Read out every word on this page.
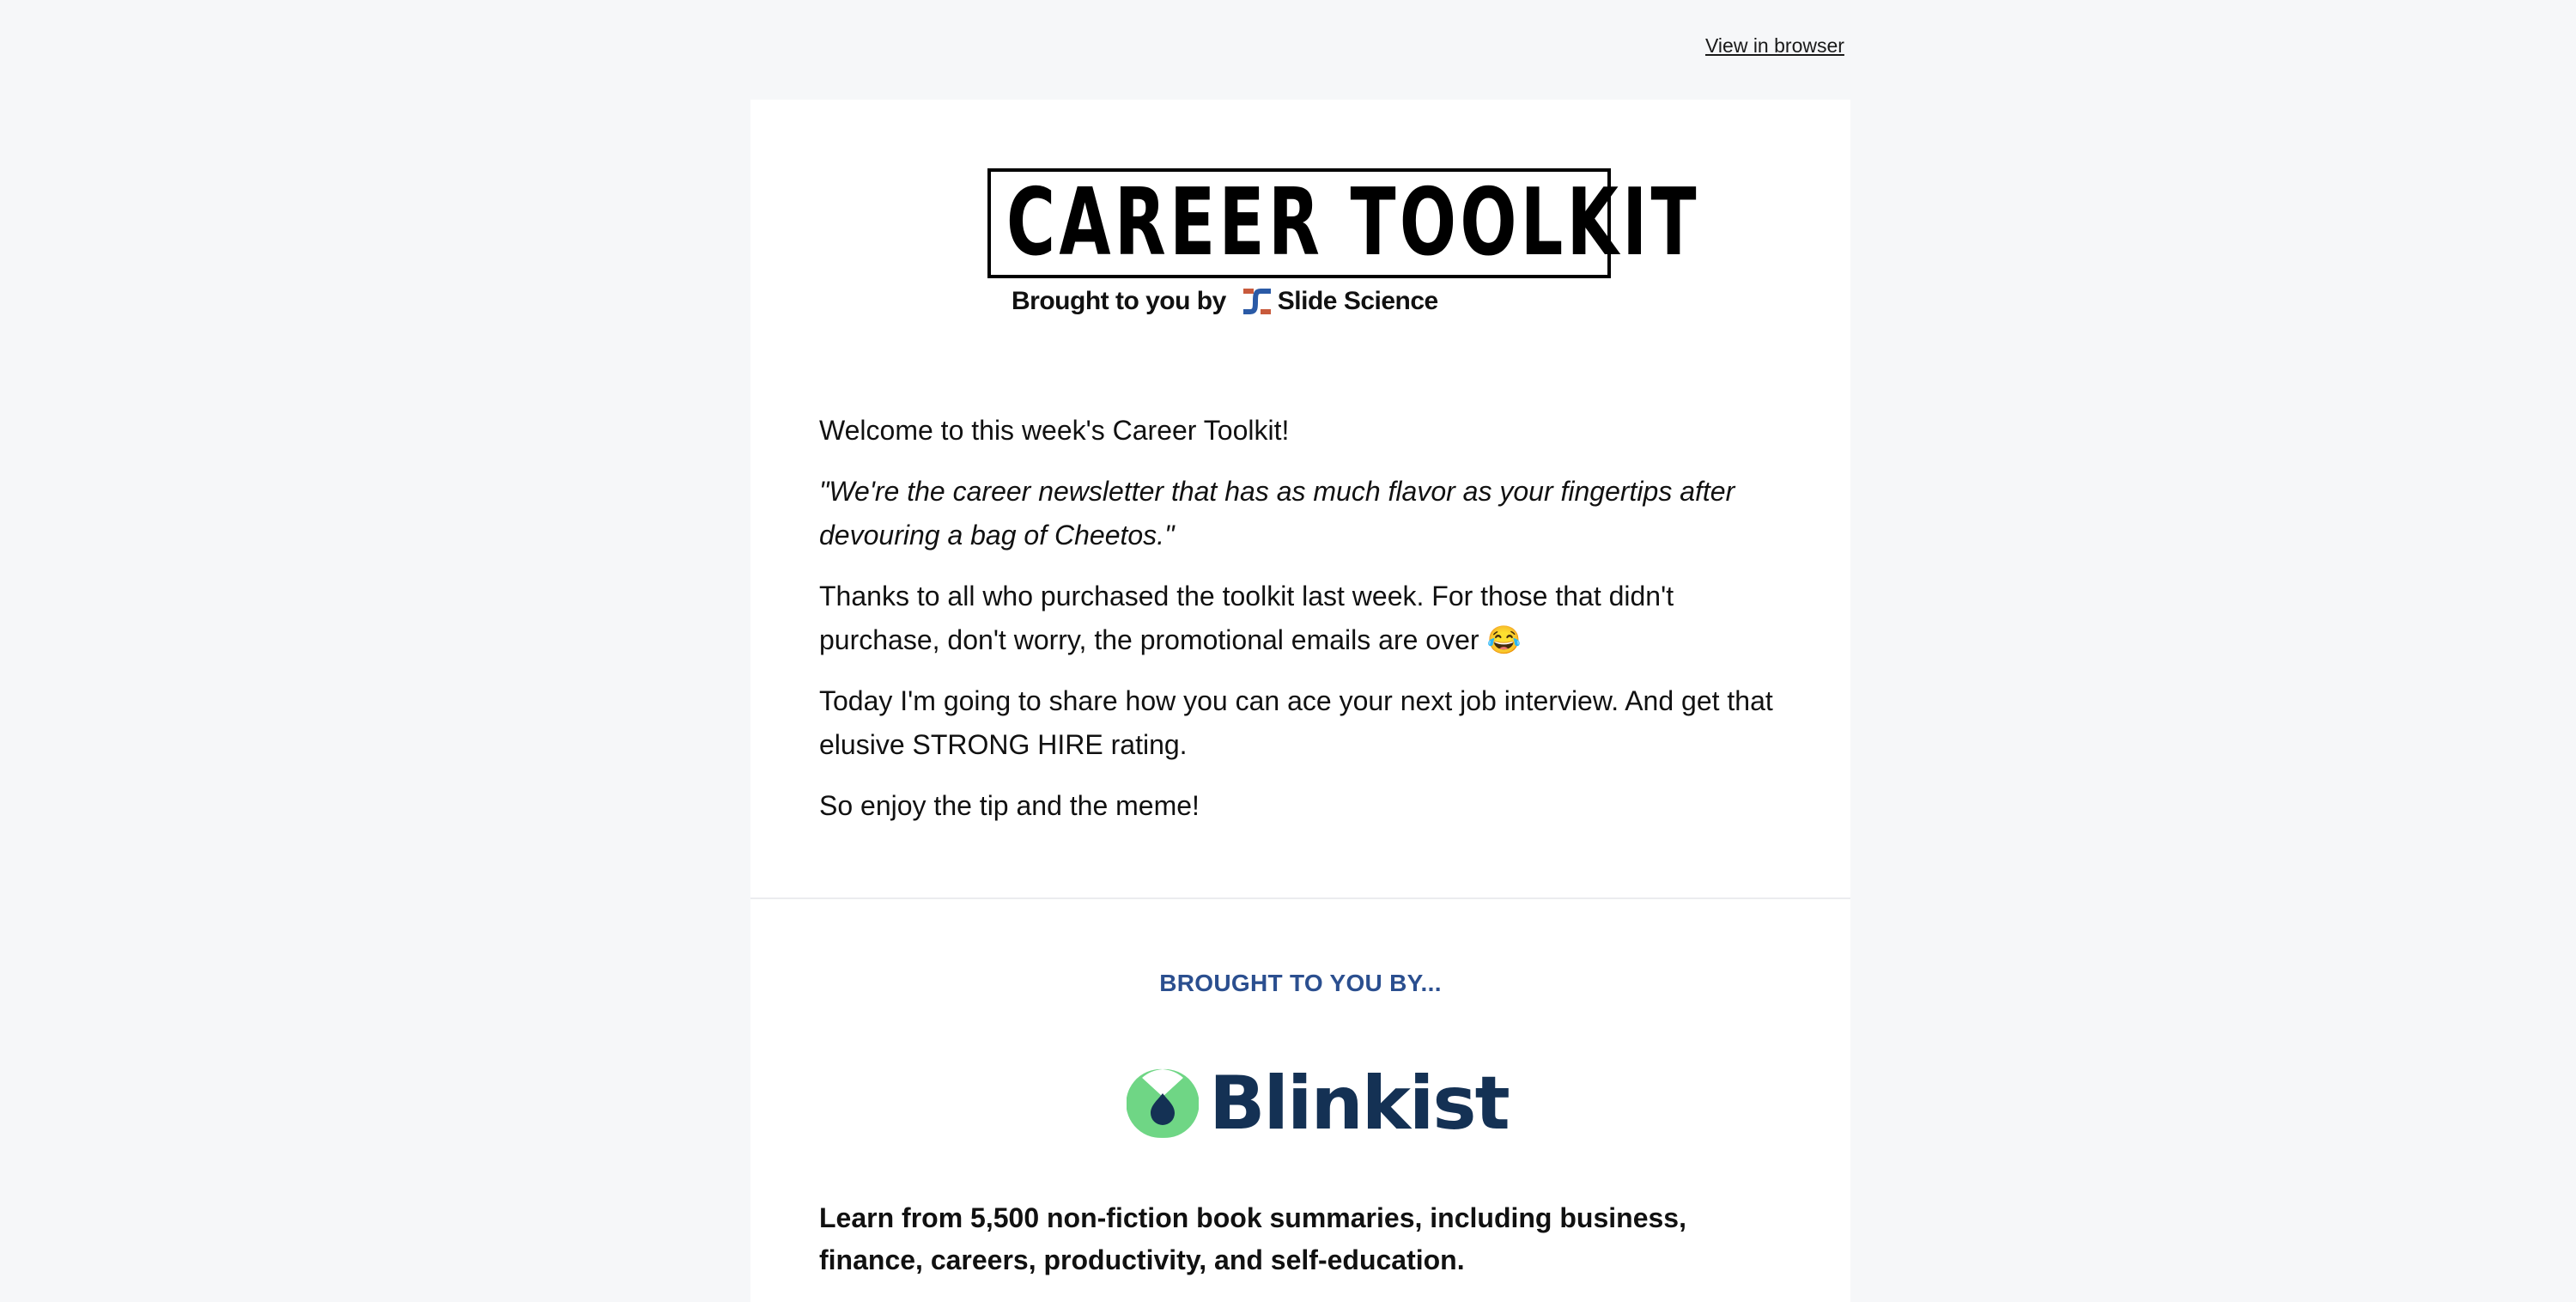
View in browser
CAREER TOOLKIT
Brought to you by Slide Science

Welcome to this week's Career Toolkit!

"We're the career newsletter that has as much flavor as your fingertips after devouring a bag of Cheetos."

Thanks to all who purchased the toolkit last week. For those that didn't purchase, don't worry, the promotional emails are over 😂

Today I'm going to share how you can ace your next job interview. And get that elusive STRONG HIRE rating.

So enjoy the tip and the meme!

BROUGHT TO YOU BY...
Blinkist

Learn from 5,500 non-fiction book summaries, including business, finance, careers, productivity, and self-education.
